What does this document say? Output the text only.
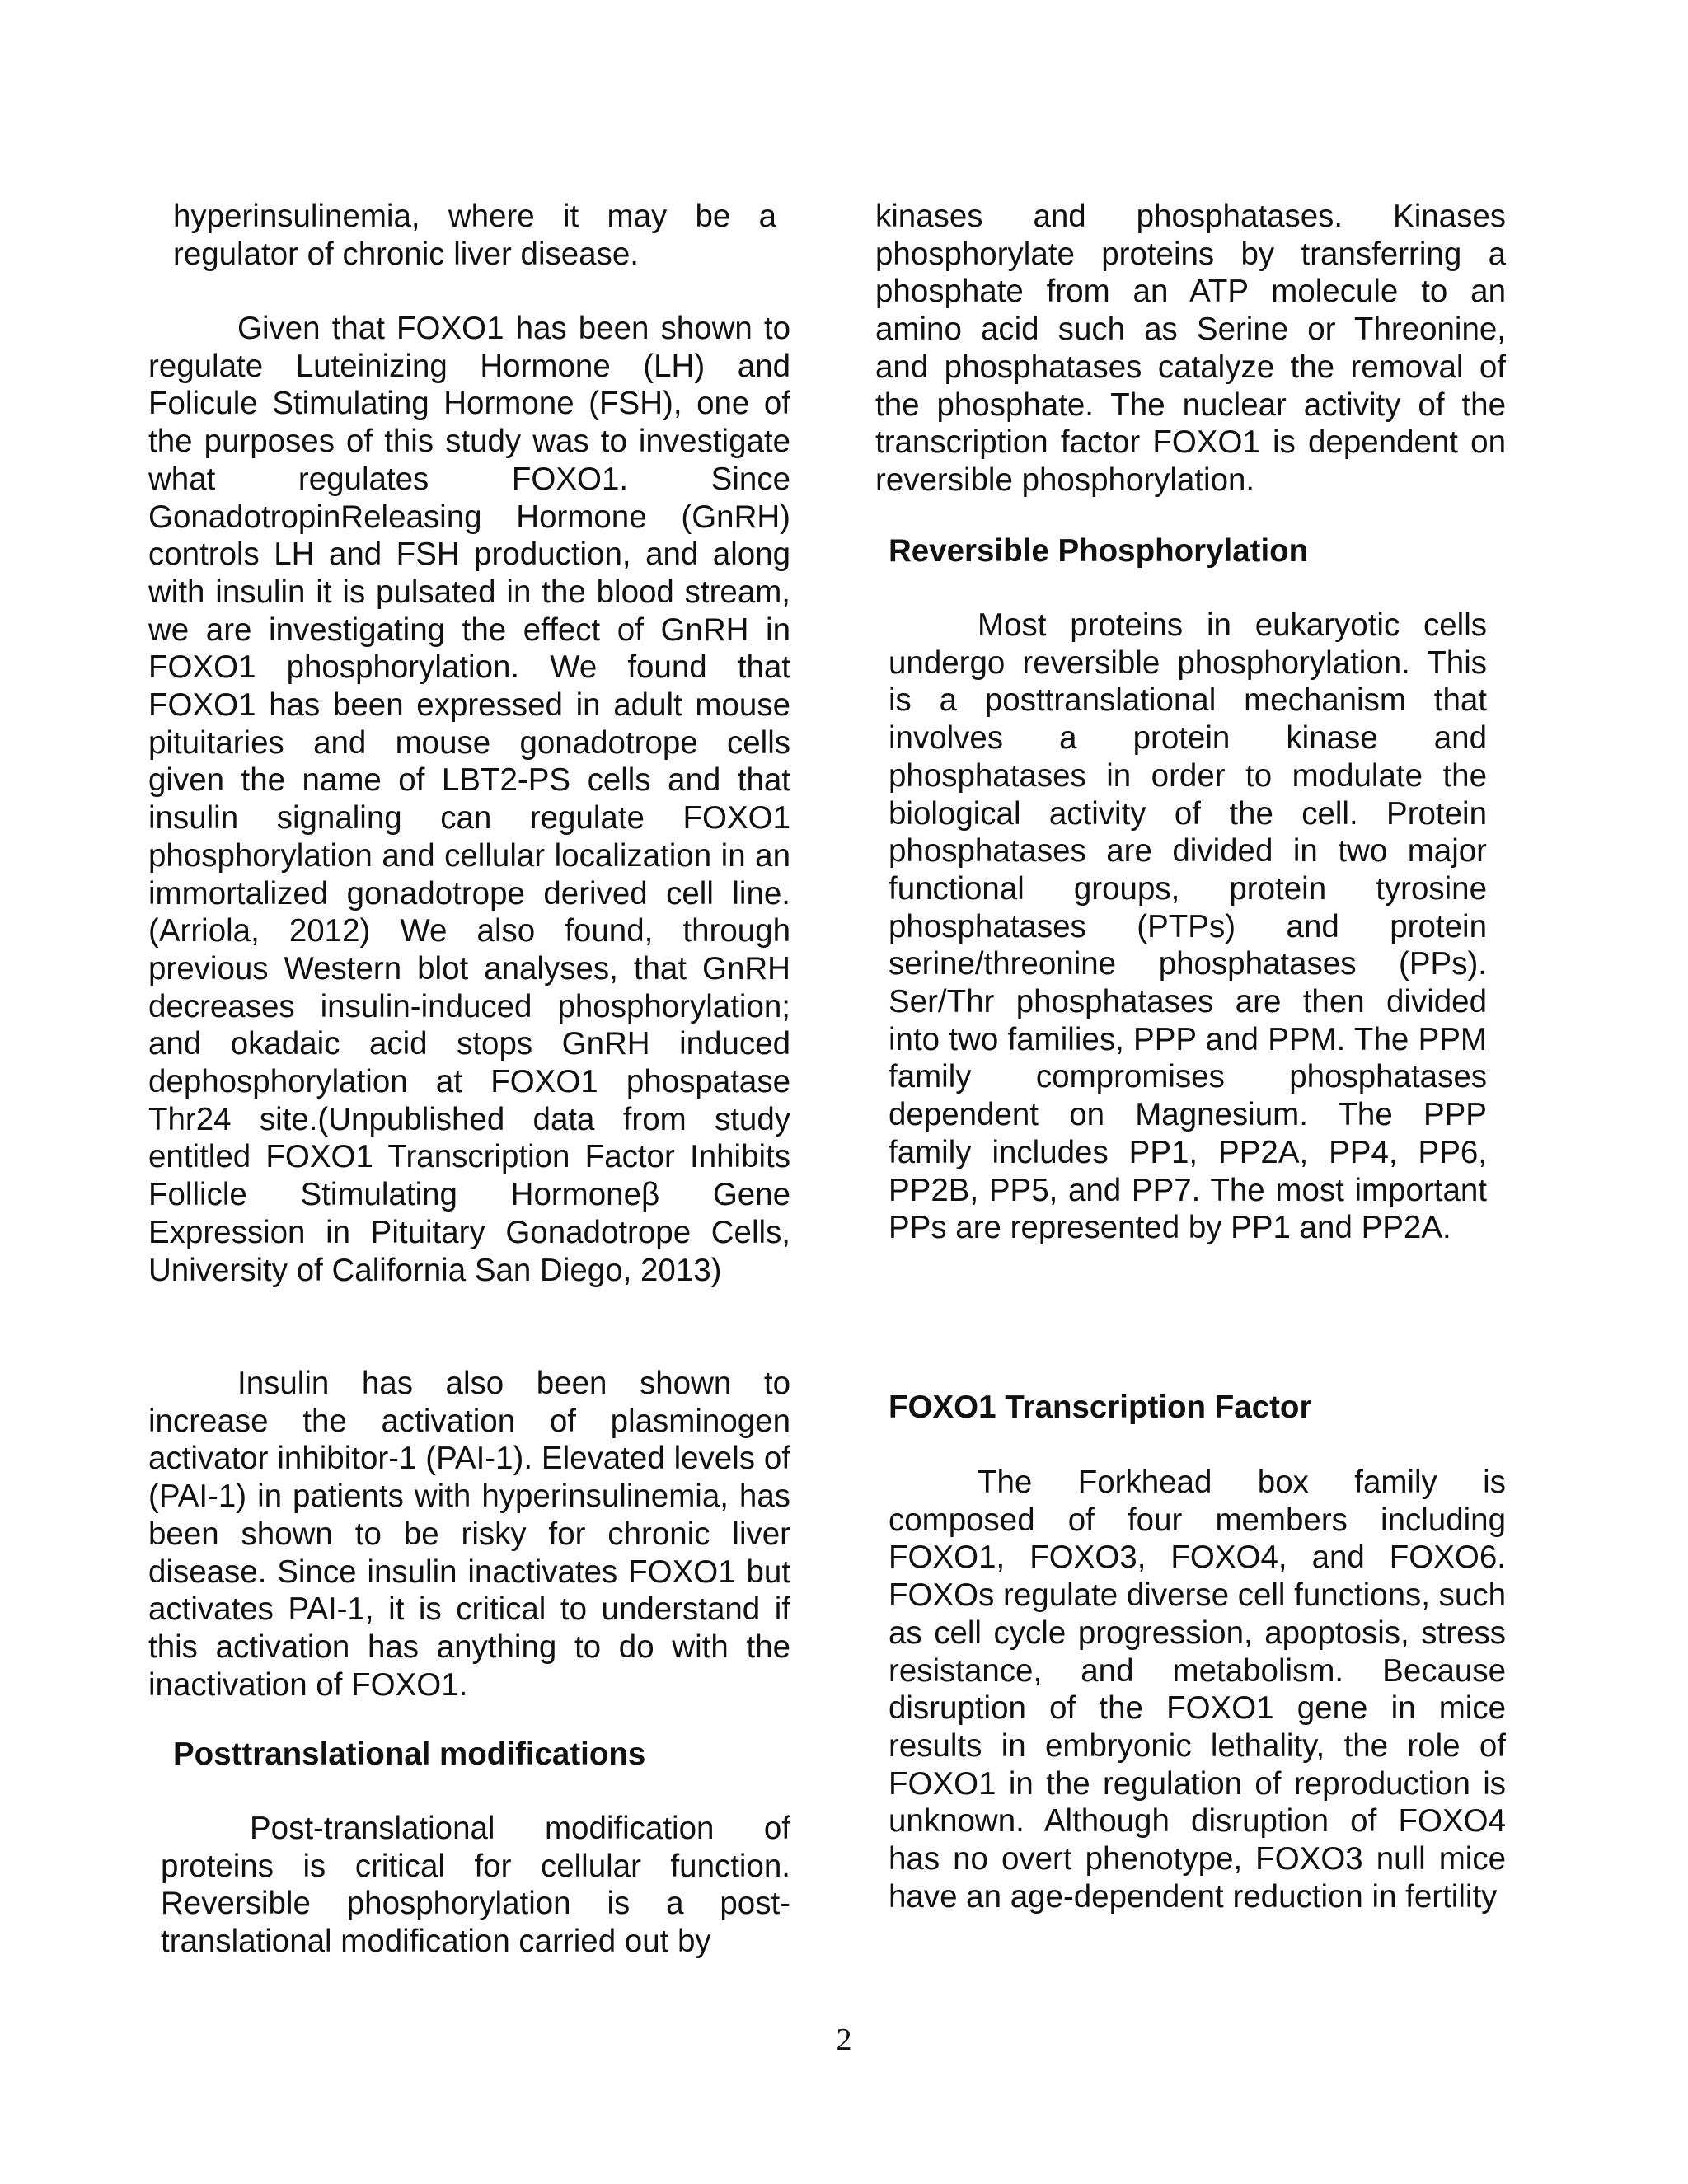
hyperinsulinemia, where it may be a regulator of chronic liver disease.

Given that FOXO1 has been shown to regulate Luteinizing Hormone (LH) and Folicule Stimulating Hormone (FSH), one of the purposes of this study was to investigate what regulates FOXO1. Since GonadotropinReleasing Hormone (GnRH) controls LH and FSH production, and along with insulin it is pulsated in the blood stream, we are investigating the effect of GnRH in FOXO1 phosphorylation. We found that FOXO1 has been expressed in adult mouse pituitaries and mouse gonadotrope cells given the name of LBT2-PS cells and that insulin signaling can regulate FOXO1 phosphorylation and cellular localization in an immortalized gonadotrope derived cell line. (Arriola, 2012) We also found, through previous Western blot analyses, that GnRH decreases insulin-induced phosphorylation; and okadaic acid stops GnRH induced dephosphorylation at FOXO1 phospatase Thr24 site.(Unpublished data from study entitled FOXO1 Transcription Factor Inhibits Follicle Stimulating Hormoneβ Gene Expression in Pituitary Gonadotrope Cells, University of California San Diego, 2013)

Insulin has also been shown to increase the activation of plasminogen activator inhibitor-1 (PAI-1). Elevated levels of (PAI-1) in patients with hyperinsulinemia, has been shown to be risky for chronic liver disease. Since insulin inactivates FOXO1 but activates PAI-1, it is critical to understand if this activation has anything to do with the inactivation of FOXO1.

Posttranslational modifications

Post-translational modification of proteins is critical for cellular function. Reversible phosphorylation is a post-translational modification carried out by

kinases and phosphatases. Kinases phosphorylate proteins by transferring a phosphate from an ATP molecule to an amino acid such as Serine or Threonine, and phosphatases catalyze the removal of the phosphate. The nuclear activity of the transcription factor FOXO1 is dependent on reversible phosphorylation.

Reversible Phosphorylation

Most proteins in eukaryotic cells undergo reversible phosphorylation. This is a posttranslational mechanism that involves a protein kinase and phosphatases in order to modulate the biological activity of the cell. Protein phosphatases are divided in two major functional groups, protein tyrosine phosphatases (PTPs) and protein serine/threonine phosphatases (PPs). Ser/Thr phosphatases are then divided into two families, PPP and PPM. The PPM family compromises phosphatases dependent on Magnesium. The PPP family includes PP1, PP2A, PP4, PP6, PP2B, PP5, and PP7. The most important PPs are represented by PP1 and PP2A.

FOXO1 Transcription Factor

The Forkhead box family is composed of four members including FOXO1, FOXO3, FOXO4, and FOXO6. FOXOs regulate diverse cell functions, such as cell cycle progression, apoptosis, stress resistance, and metabolism. Because disruption of the FOXO1 gene in mice results in embryonic lethality, the role of FOXO1 in the regulation of reproduction is unknown. Although disruption of FOXO4 has no overt phenotype, FOXO3 null mice have an age-dependent reduction in fertility

2
